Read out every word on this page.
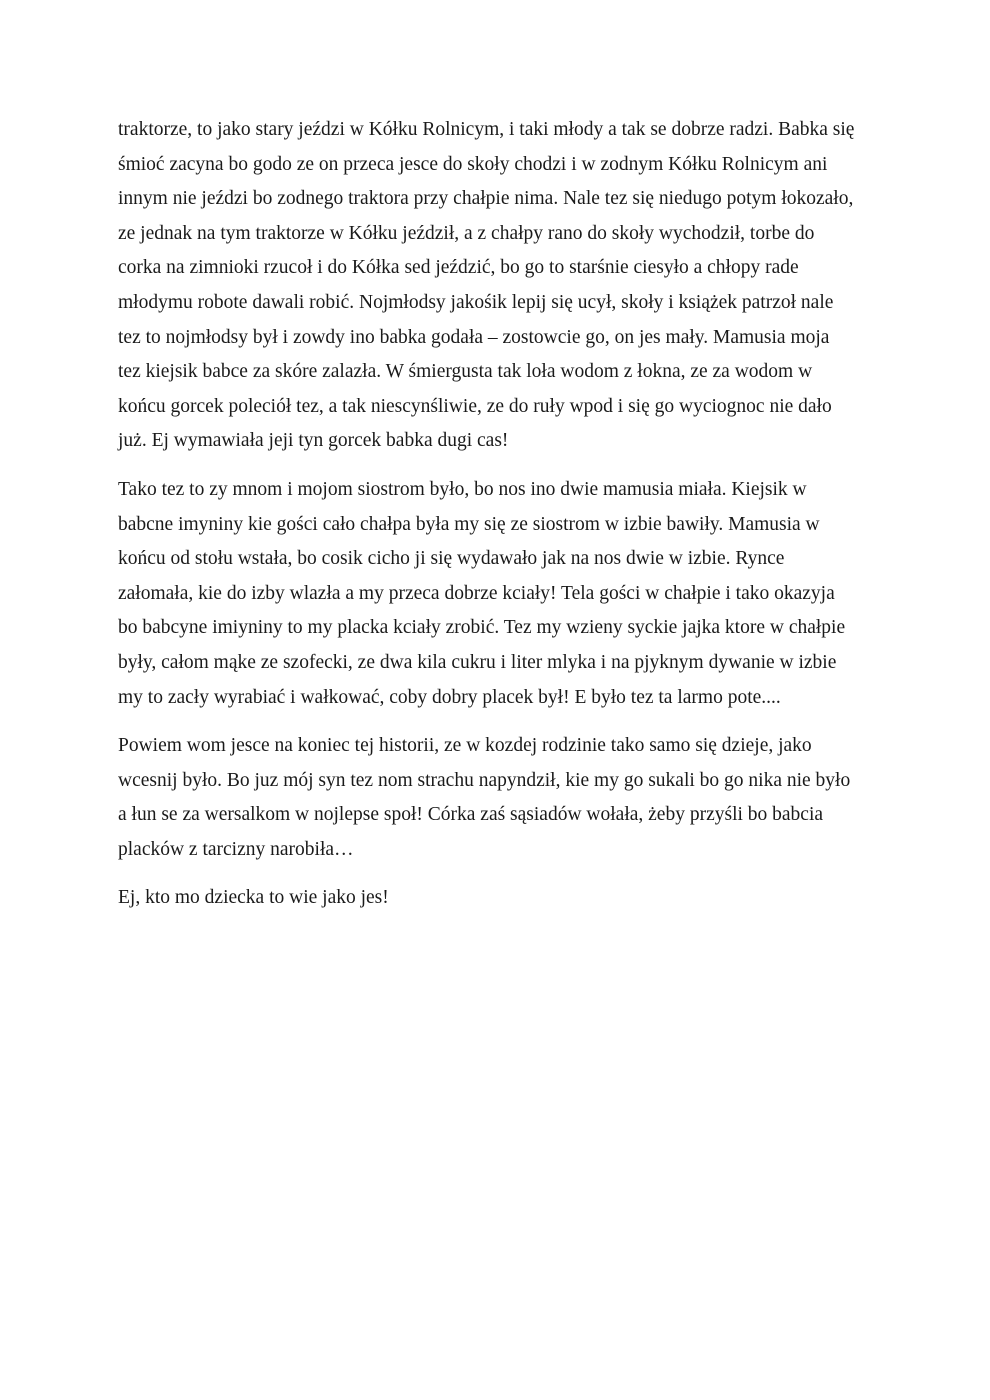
traktorze, to jako stary jeździ w Kółku Rolnicym, i taki młody a tak se dobrze radzi. Babka się
śmioć zacyna bo godo ze on przeca jesce do skoły chodzi i w zodnym Kółku Rolnicym ani
innym nie jeździ bo zodnego traktora przy chałpie nima. Nale tez się niedugo potym łokozało,
ze jednak na tym traktorze w Kółku jeździł, a z chałpy rano do skoły wychodził, torbe do
corka na zimnioki rzucoł i do Kółka sed jeździć, bo go to starśnie ciesyło a chłopy rade
młodymu robote dawali robić. Nojmłodsy jakośik lepij się ucył, skoły i książek patrzoł nale
tez to nojmłodsy był i zowdy ino babka godała – zostowcie go, on jes mały. Mamusia moja
tez kiejsik babce za skóre zalazła. W śmiergusta tak loła wodom z łokna, ze za wodom w
końcu gorcek poleciół tez, a tak niescynśliwie, ze do ruły wpod i się go wyciognoc nie dało
już. Ej wymawiała jeji tyn gorcek babka dugi cas!

Tako tez to zy mnom i mojom siostrom było, bo nos ino dwie mamusia miała. Kiejsik w
babcne imyniny kie gości cało chałpa była my się ze siostrom w izbie bawiły. Mamusia w
końcu od stołu wstała, bo cosik cicho ji się wydawało jak na nos dwie w izbie. Rynce
załomała, kie do izby wlazła a my przeca dobrze kciały! Tela gości w chałpie i tako okazyja
bo babcyne imiyniny to my placka kciały zrobić. Tez my wzieny syckie jajka ktore w chałpie
były, całom mąke ze szofecki, ze dwa kila cukru i liter mlyka i na pjyknym dywanie w izbie
my to zacły wyrabiać i wałkować, coby dobry placek był! E było tez ta larmo pote....

Powiem wom jesce na koniec tej historii, ze w kozdej rodzinie tako samo się dzieje, jako
wcesnij było. Bo juz mój syn tez nom strachu napyndził, kie my go sukali bo go nika nie było
a łun se za wersalkom w nojlepse społ! Córka zaś sąsiadów wołała, żeby przyśli bo babcia
placków z tarcizny narobiła…

Ej, kto mo dziecka to wie jako jes!
